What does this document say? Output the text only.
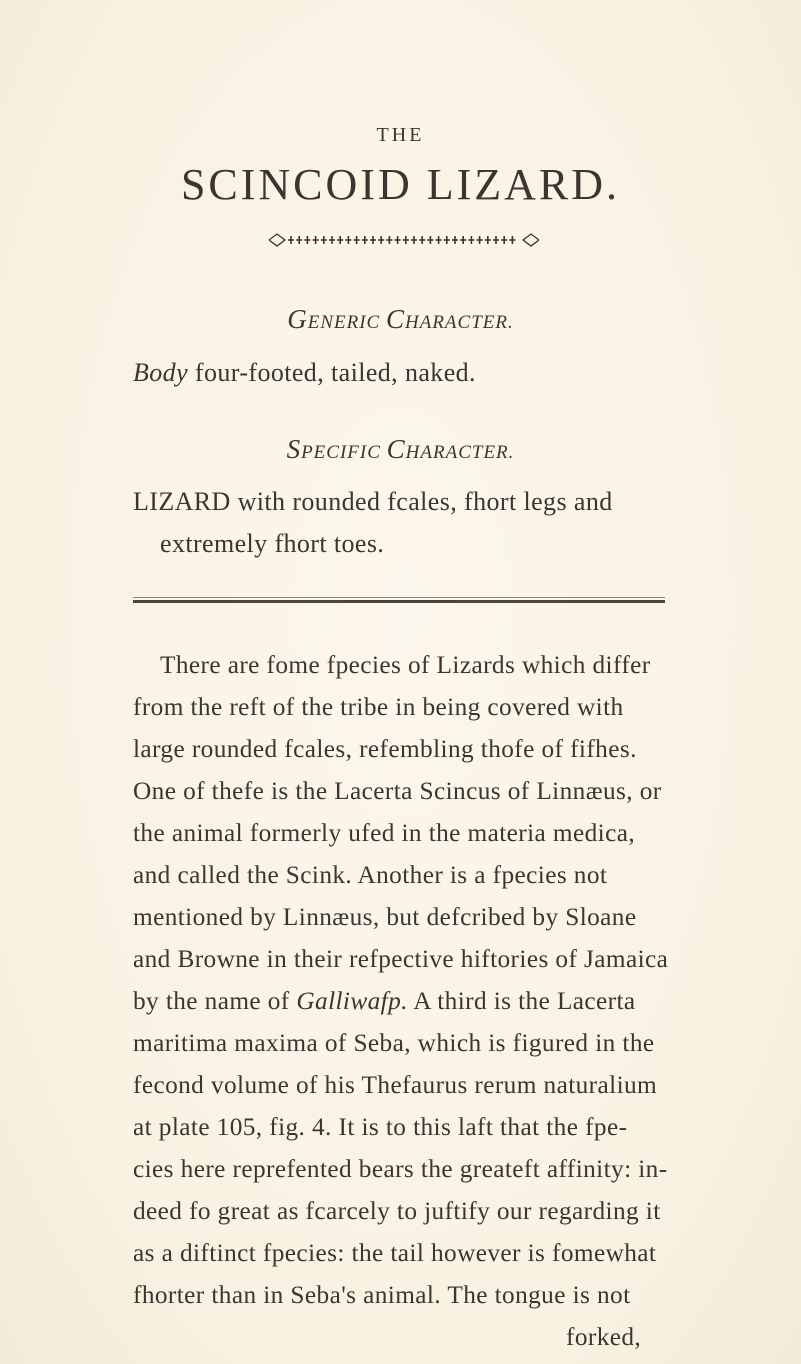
THE
SCINCOID LIZARD.
GENERIC CHARACTER.
Body four-footed, tailed, naked.
SPECIFIC CHARACTER.
LIZARD with rounded fcales, fhort legs and
extremely fhort toes.
There are fome fpecies of Lizards which differ
from the reft of the tribe in being covered with
large rounded fcales, refembling thofe of fifhes.
One of thefe is the Lacerta Scincus of Linnæus, or
the animal formerly ufed in the materia medica,
and called the Scink. Another is a fpecies not
mentioned by Linnæus, but defcribed by Sloane
and Browne in their refpective hiftories of Jamaica
by the name of Galliwafp. A third is the Lacerta
maritima maxima of Seba, which is figured in the
fecond volume of his Thefaurus rerum naturalium
at plate 105, fig. 4. It is to this laft that the fpe-
cies here reprefented bears the greateft affinity: in-
deed fo great as fcarcely to juftify our regarding it
as a diftinct fpecies: the tail however is fomewhat
fhorter than in Seba's animal. The tongue is not
forked,
